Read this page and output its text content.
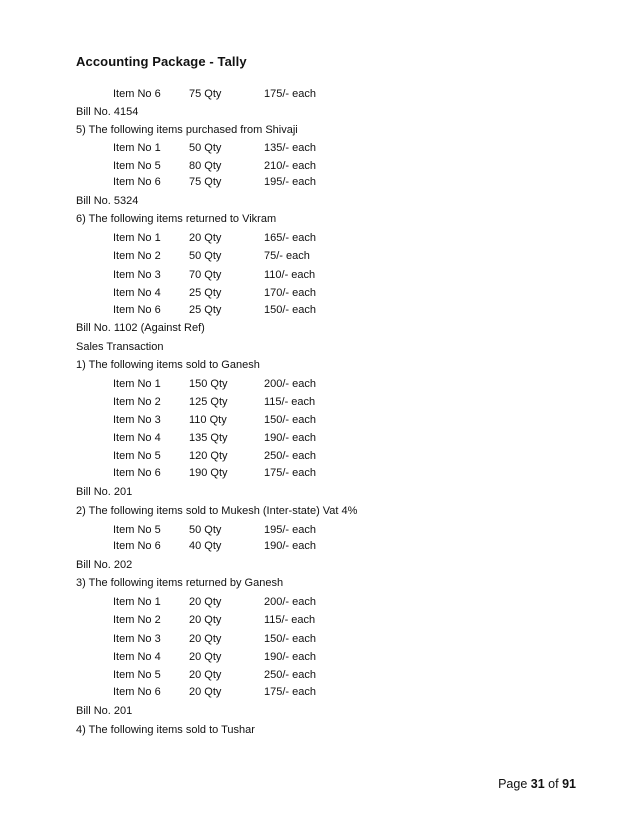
Accounting Package - Tally
Item No 6	75 Qty	175/- each
Bill No. 4154
5) The following items purchased from Shivaji
Item No 1	50 Qty	135/- each
Item No 5	80 Qty	210/- each
Item No 6	75 Qty	195/- each
Bill No. 5324
6) The following items returned to Vikram
Item No 1	20 Qty	165/- each
Item No 2	50 Qty	75/- each
Item No 3	70 Qty	110/- each
Item No 4	25 Qty	170/- each
Item No 6	25 Qty	150/- each
Bill No. 1102 (Against Ref)
Sales Transaction
1) The following items sold to Ganesh
Item No 1	150 Qty	200/- each
Item No 2	125 Qty	115/- each
Item No 3	110 Qty	150/- each
Item No 4	135 Qty	190/- each
Item No 5	120 Qty	250/- each
Item No 6	190 Qty	175/- each
Bill No. 201
2) The following items sold to Mukesh (Inter-state) Vat 4%
Item No 5	50 Qty	195/- each
Item No 6	40 Qty	190/- each
Bill No. 202
3) The following items returned by Ganesh
Item No 1	20 Qty	200/- each
Item No 2	20 Qty	115/- each
Item No 3	20 Qty	150/- each
Item No 4	20 Qty	190/- each
Item No 5	20 Qty	250/- each
Item No 6	20 Qty	175/- each
Bill No. 201
4) The following items sold to Tushar
Page 31 of 91
